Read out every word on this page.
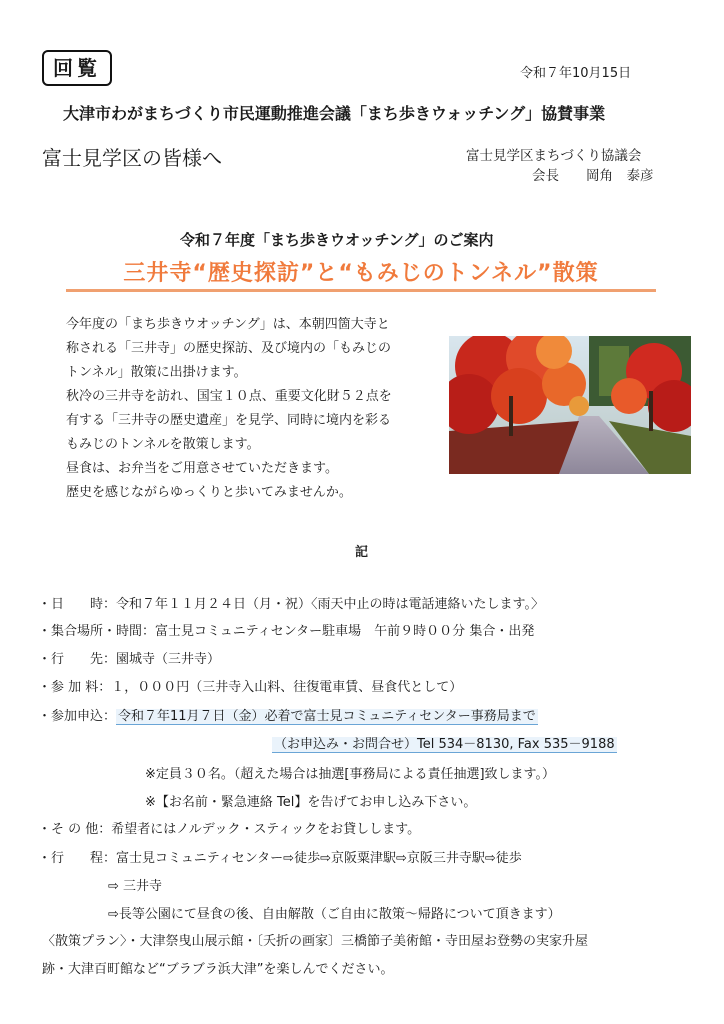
回覧	令和７年10月15日
大津市わがまちづくり市民運動推進会議「まち歩きウォッチング」協賛事業
富士見学区の皆様へ	富士見学区まちづくり協議会
会長　　岡角　泰彦
令和７年度「まち歩きウオッチング」のご案内
三井寺“歴史探訪”と“もみじのトンネル”散策

今年度の「まち歩きウオッチング」は、本朝四箇大寺と

称される「三井寺」の歴史探訪、及び境内の「もみじの

トンネル」散策に出掛けます。

秋冷の三井寺を訪れ、国宝１０点、重要文化財５２点を

有する「三井寺の歴史遺産」を見学、同時に境内を彩る

もみじのトンネルを散策します。

昼食は、お弁当をご用意させていただきます。

歴史を感じながらゆっくりと歩いてみませんか。

記
・日　　時：令和７年１１月２４日（月・祝）〈雨天中止の時は電話連絡いたします。〉
・集合場所・時間：富士見コミュニティセンター駐車場　午前９時００分 集合・出発
・行　　先：園城寺（三井寺）
・参 加 料：１，０００円（三井寺入山料、往復電車賃、昼食代として）
・参加申込： 令和７年11月７日（金）必着で富士見コミュニティセンター事務局まで
（お申込み・お問合せ）Tel 534－8130, Fax 535－9188
※定員３０名。（超えた場合は抽選[事務局による責任抽選]致します。）
※【お名前・緊急連絡 Tel】を告げてお申し込み下さい。
・そ の 他：希望者にはノルデック・スティックをお貸しします。
・行　　程：富士見コミュニティセンター⇨徒歩⇨京阪粟津駅⇨京阪三井寺駅⇨徒歩
⇨ 三井寺
⇨長等公園にて昼食の後、自由解散（ご自由に散策～帰路について頂きます）
〈散策プラン〉・大津祭曳山展示館・〔夭折の画家〕三橋節子美術館・寺田屋お登勢の実家升屋
跡・大津百町館など“ブラブラ浜大津”を楽しんでください。
